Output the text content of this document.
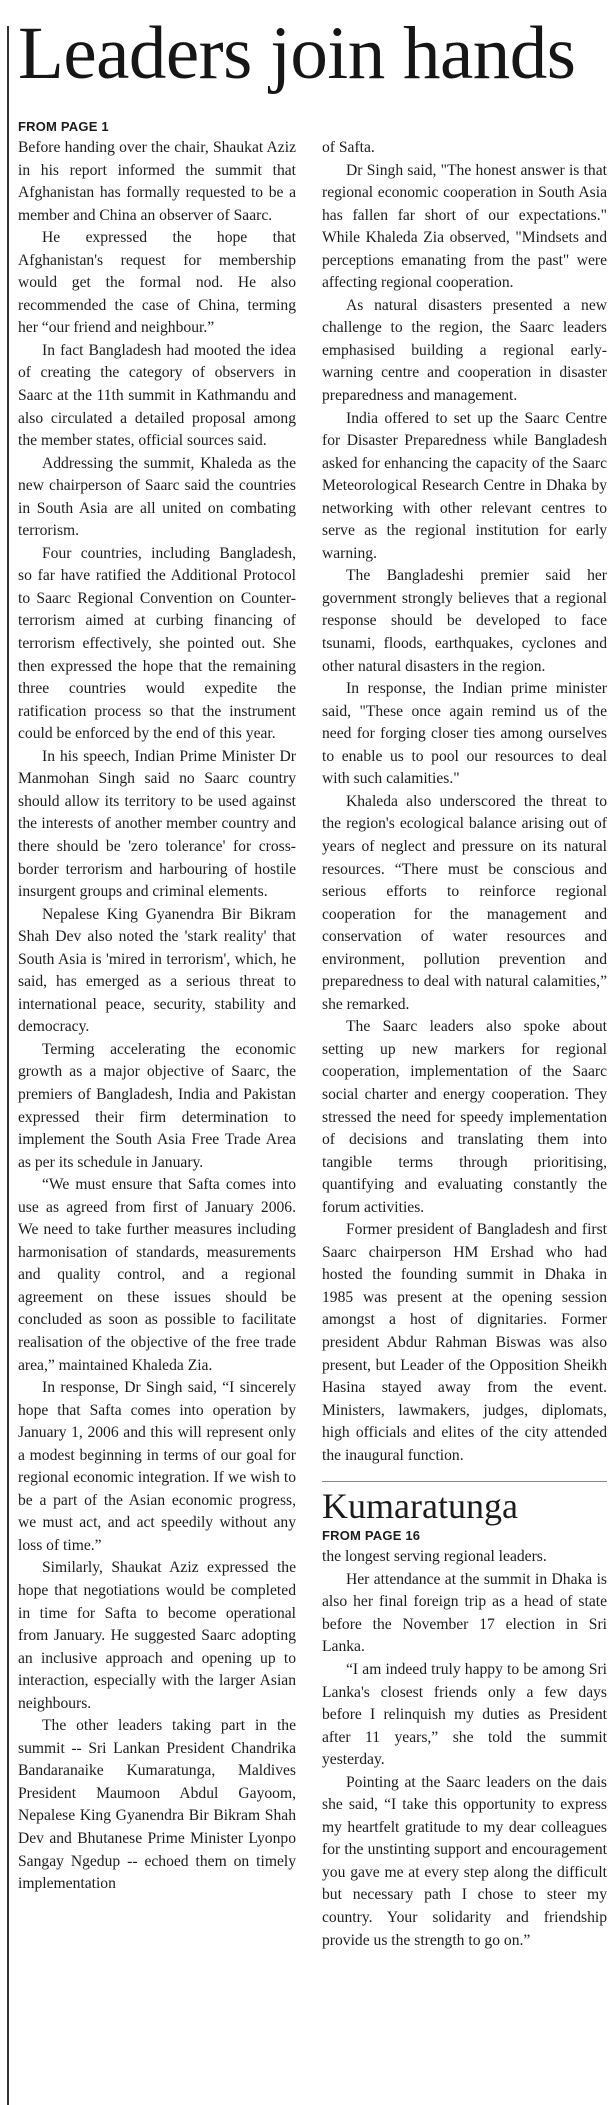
Leaders join hands
FROM PAGE 1

Before handing over the chair, Shaukat Aziz in his report informed the summit that Afghanistan has formally requested to be a member and China an observer of Saarc.

He expressed the hope that Afghanistan's request for membership would get the formal nod. He also recommended the case of China, terming her “our friend and neighbour.”

In fact Bangladesh had mooted the idea of creating the category of observers in Saarc at the 11th summit in Kathmandu and also circulated a detailed proposal among the member states, official sources said.

Addressing the summit, Khaleda as the new chairperson of Saarc said the countries in South Asia are all united on combating terrorism.

Four countries, including Bangladesh, so far have ratified the Additional Protocol to Saarc Regional Convention on Counter-terrorism aimed at curbing financing of terrorism effectively, she pointed out. She then expressed the hope that the remaining three countries would expedite the ratification process so that the instrument could be enforced by the end of this year.

In his speech, Indian Prime Minister Dr Manmohan Singh said no Saarc country should allow its territory to be used against the interests of another member country and there should be 'zero tolerance' for cross-border terrorism and harbouring of hostile insurgent groups and criminal elements.

Nepalese King Gyanendra Bir Bikram Shah Dev also noted the 'stark reality' that South Asia is 'mired in terrorism', which, he said, has emerged as a serious threat to international peace, security, stability and democracy.

Terming accelerating the economic growth as a major objective of Saarc, the premiers of Bangladesh, India and Pakistan expressed their firm determination to implement the South Asia Free Trade Area as per its schedule in January.

“We must ensure that Safta comes into use as agreed from first of January 2006. We need to take further measures including harmonisation of standards, measurements and quality control, and a regional agreement on these issues should be concluded as soon as possible to facilitate realisation of the objective of the free trade area,” maintained Khaleda Zia.

In response, Dr Singh said, “I sincerely hope that Safta comes into operation by January 1, 2006 and this will represent only a modest beginning in terms of our goal for regional economic integration. If we wish to be a part of the Asian economic progress, we must act, and act speedily without any loss of time.”

Similarly, Shaukat Aziz expressed the hope that negotiations would be completed in time for Safta to become operational from January. He suggested Saarc adopting an inclusive approach and opening up to interaction, especially with the larger Asian neighbours.

The other leaders taking part in the summit -- Sri Lankan President Chandrika Bandaranaike Kumaratunga, Maldives President Maumoon Abdul Gayoom, Nepalese King Gyanendra Bir Bikram Shah Dev and Bhutanese Prime Minister Lyonpo Sangay Ngedup -- echoed them on timely implementation

of Safta.

Dr Singh said, "The honest answer is that regional economic cooperation in South Asia has fallen far short of our expectations." While Khaleda Zia observed, "Mindsets and perceptions emanating from the past" were affecting regional cooperation.

As natural disasters presented a new challenge to the region, the Saarc leaders emphasised building a regional early-warning centre and cooperation in disaster preparedness and management.

India offered to set up the Saarc Centre for Disaster Preparedness while Bangladesh asked for enhancing the capacity of the Saarc Meteorological Research Centre in Dhaka by networking with other relevant centres to serve as the regional institution for early warning.

The Bangladeshi premier said her government strongly believes that a regional response should be developed to face tsunami, floods, earthquakes, cyclones and other natural disasters in the region.

In response, the Indian prime minister said, "These once again remind us of the need for forging closer ties among ourselves to enable us to pool our resources to deal with such calamities."

Khaleda also underscored the threat to the region's ecological balance arising out of years of neglect and pressure on its natural resources. “There must be conscious and serious efforts to reinforce regional cooperation for the management and conservation of water resources and environment, pollution prevention and preparedness to deal with natural calamities,” she remarked.

The Saarc leaders also spoke about setting up new markers for regional cooperation, implementation of the Saarc social charter and energy cooperation. They stressed the need for speedy implementation of decisions and translating them into tangible terms through prioritising, quantifying and evaluating constantly the forum activities.

Former president of Bangladesh and first Saarc chairperson HM Ershad who had hosted the founding summit in Dhaka in 1985 was present at the opening session amongst a host of dignitaries. Former president Abdur Rahman Biswas was also present, but Leader of the Opposition Sheikh Hasina stayed away from the event. Ministers, lawmakers, judges, diplomats, high officials and elites of the city attended the inaugural function.

Kumaratunga
FROM PAGE 16

the longest serving regional leaders.

Her attendance at the summit in Dhaka is also her final foreign trip as a head of state before the November 17 election in Sri Lanka.

“I am indeed truly happy to be among Sri Lanka's closest friends only a few days before I relinquish my duties as President after 11 years,” she told the summit yesterday.

Pointing at the Saarc leaders on the dais she said, “I take this opportunity to express my heartfelt gratitude to my dear colleagues for the unstinting support and encouragement you gave me at every step along the difficult but necessary path I chose to steer my country. Your solidarity and friendship provide us the strength to go on.”
